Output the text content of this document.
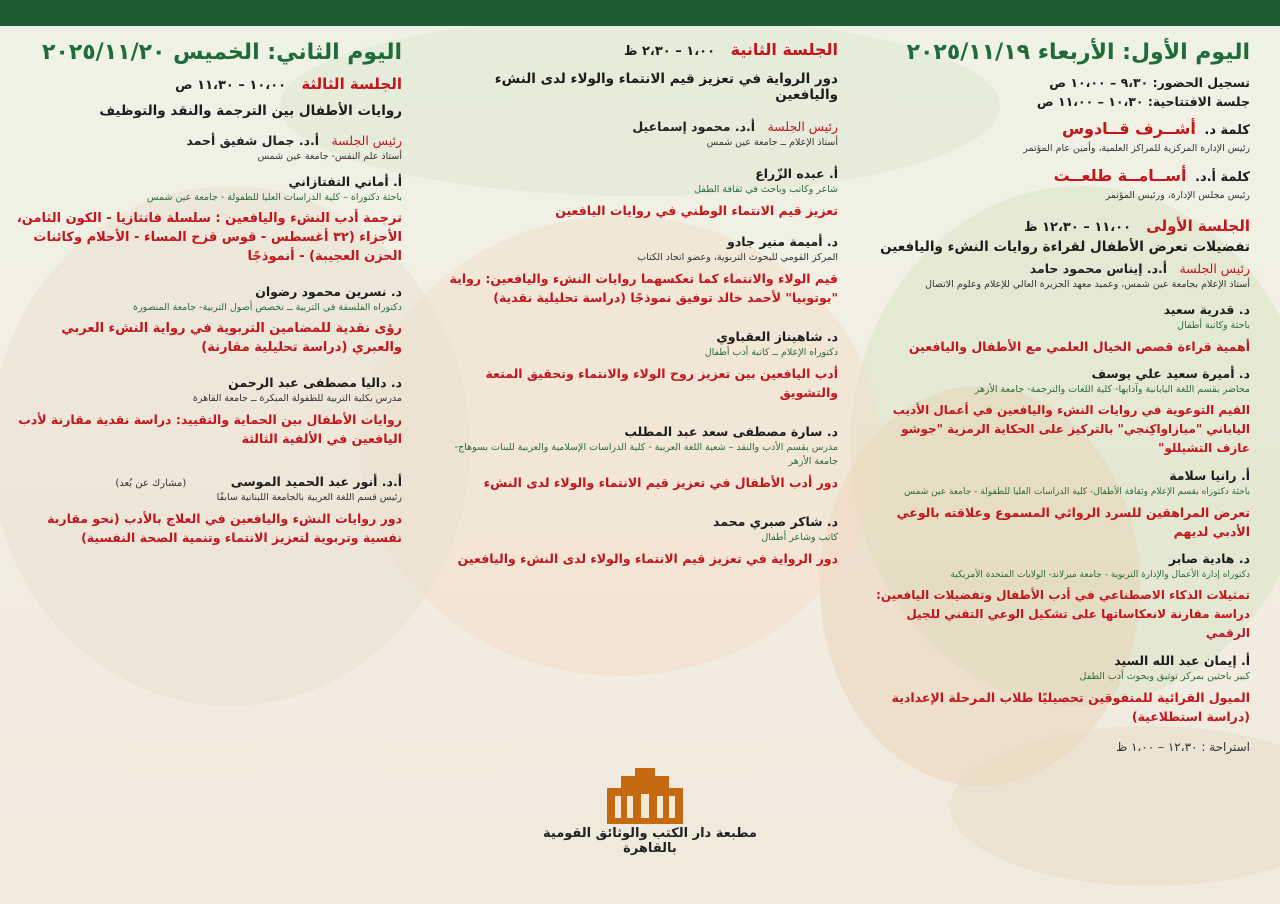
اليوم الأول: الأربعاء ٢٠٢٥/١١/١٩
تسجيل الحضور: ٩،٣٠ – ١٠،٠٠ ص
جلسة الافتتاحية: ١٠،٣٠ – ١١،٠٠ ص
كلمة د. أشــرف قــادوس
رئيس الإدارة المركزية للمراكز العلمية، وأمين عام المؤتمر
كلمة أ.د. أســامــة طلعــت
رئيس مجلس الإدارة، ورئيس المؤتمر
الجلسة الأولى ١١،٠٠ – ١٢،٣٠ ظ
تفضيلات تعرض الأطفال لقراءة روايات النشء واليافعين
رئيس الجلسة أ.د. إيناس محمود حامد
أستاذ الإعلام بجامعة عين شمس، وعميد معهد الجزيرة العالي للإعلام وعلوم الاتصال
د. قدرية سعيد
باحثة وكاتبة أطفال
أهمية قراءة قصص الخيال العلمي مع الأطفال واليافعين
د. أميرة سعيد علي يوسف
محاضر بقسم اللغة اليابانية وآدابها- كلية اللغات والترجمة- جامعة الأزهر
القيم التوعوية في روايات النشء واليافعين في أعمال الأديب الياباني "ميازاواكِنجي" بالتركيز على الحكاية الرمزية "جوشو عازف التشيللو"
أ. رانيا سلامة
باحثة دكتوراه بقسم الإعلام وثقافة الأطفال- كلية الدراسات العليا للطفولة - جامعة عين شمس
تعرض المراهقين للسرد الروائي المسموع وعلاقته بالوعي الأدبي لديهم
د. هادية صابر
دكتوراه إدارة الأعمال والإدارة التربوية - جامعة ميرلاند- الولايات المتحدة الأمريكية
تمثيلات الذكاء الاصطناعي في أدب الأطفال وتفضيلات اليافعين: دراسة مقارنة لانعكاساتها على تشكيل الوعي التقني للجيل الرقمي
أ. إيمان عبد الله السيد
كبير باحثين بمركز توثيق وبحوث أدب الطفل
الميول القرائية للمتفوقين تحصيليًا طلاب المرحلة الإعدادية (دراسة استطلاعية)
استراحة : ١٢،٣٠ – ١،٠٠ ظ
الجلسة الثانية ١،٠٠ – ٢،٣٠ ظ
دور الرواية في تعزيز قيم الانتماء والولاء لدى النشء واليافعين
رئيس الجلسة أ.د. محمود إسماعيل
أستاذ الإعلام ــ جامعة عين شمس
أ. عبده الزّراع
شاعر وكاتب وباحث في ثقافة الطفل
تعزيز قيم الانتماء الوطني في روايات اليافعين
د. أميمة منير جادو
المركز القومي للبحوث التربوية، وعضو اتحاد الكتاب
قيم الولاء والانتماء كما تعكسهما روايات النشء واليافعين: رواية "يوتوبيا" لأحمد خالد توفيق نموذجًا (دراسة تحليلية نقدية)
د. شاهيناز العقباوي
دكتوراه الإعلام ــ كاتبة أدب أطفال
أدب اليافعين بين تعزيز روح الولاء والانتماء وتحقيق المتعة والتشويق
د. سارة مصطفى سعد عبد المطلب
مدرس بقسم الأدب والنقد – شعبة اللغة العربية - كلية الدراسات الإسلامية والعربية للبنات بسوهاج- جامعة الأزهر
دور أدب الأطفال في تعزيز قيم الانتماء والولاء لدى النشء
د. شاكر صبري محمد
كاتب وشاعر أطفال
دور الرواية في تعزيز قيم الانتماء والولاء لدى النشء واليافعين
اليوم الثاني: الخميس ٢٠٢٥/١١/٢٠
الجلسة الثالثة ١٠،٠٠ – ١١،٣٠ ص
روايات الأطفال بين الترجمة والنقد والتوظيف
رئيس الجلسة أ.د. جمال شفيق أحمد
أستاذ علم النفس- جامعة عين شمس
أ. أماني التفتازاني
باحثة دكتوراه – كلية الدراسات العليا للطفولة - جامعة عين شمس
ترجمة أدب النشء واليافعين : سلسلة فانتازيا - الكون الثامن، الأجزاء (٣٢ أغسطس - قوس قزح المساء - الأحلام وكائنات الحزن العجيبة) - أنموذجًا
د. نسرين محمود رضوان
دكتوراه الفلسفة في التربية ــ تخصص أصول التربية- جامعة المنصورة
رؤى نقدية للمضامين التربوية في رواية النشء العربي والعبري (دراسة تحليلية مقارنة)
د. داليا مصطفى عبد الرحمن
مدرس بكلية التربية للطفولة المبكرة ــ جامعة القاهرة
روايات الأطفال بين الحماية والتقييد: دراسة نقدية مقارنة لأدب اليافعين في الألفية الثالثة
أ.د. أنور عبد الحميد الموسى (مشارك عن بُعد)
رئيس قسم اللغة العربية بالجامعة اللبنانية سابقًا
دور روايات النشء واليافعين في العلاج بالأدب (نحو مقاربة نفسية وتربوية لتعزيز الانتماء وتنمية الصحة النفسية)
مطبعة دار الكتب والوثائق القومية بالقاهرة
